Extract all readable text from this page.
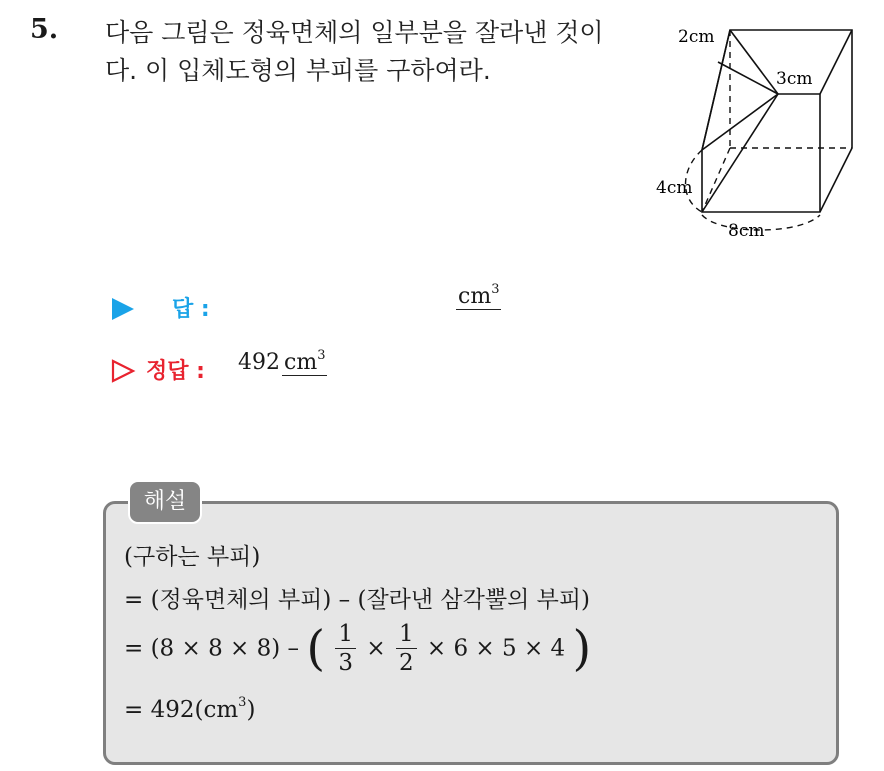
5. 다음 그림은 정육면체의 일부분을 잘라낸 것이
다. 이 입체도형의 부피를 구하여라.
2cm
3cm
4cm
8cm
답 :
$cm^3$
정답 : 492 $cm^3$
해설
(구하는 부피)
= (정육면체의 부피) – (잘라낸 삼각뿔의 부피)
= (8 × 8 × 8) – ( $\frac{1}{3} \times \frac{1}{2} \times 6 \times 5 \times 4$ )
= $492(cm^3)$
